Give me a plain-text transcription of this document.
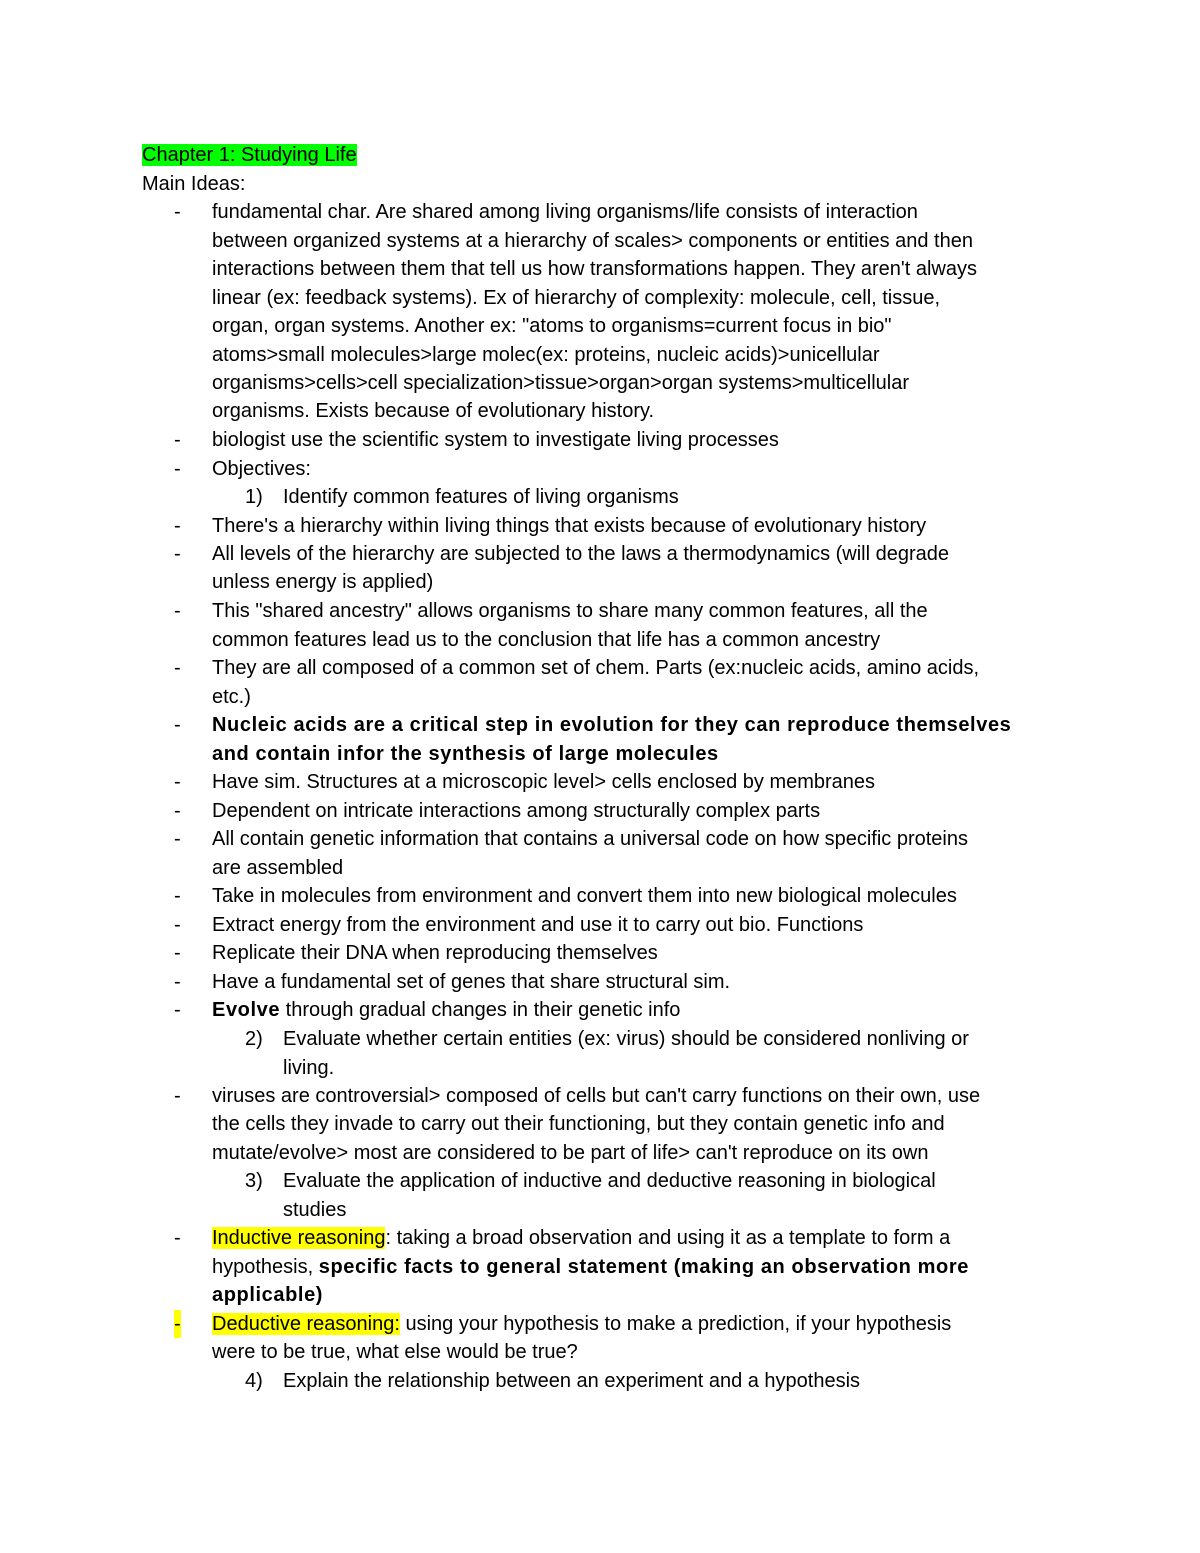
Chapter 1: Studying Life
Main Ideas:
- fundamental char. Are shared among living organisms/life consists of interaction
between organized systems at a hierarchy of scales> components or entities and then
interactions between them that tell us how transformations happen. They aren't always
linear (ex: feedback systems). Ex of hierarchy of complexity: molecule, cell, tissue,
organ, organ systems. Another ex: "atoms to organisms=current focus in bio"
atoms>small molecules>large molec(ex: proteins, nucleic acids)>unicellular
organisms>cells>cell specialization>tissue>organ>organ systems>multicellular
organisms. Exists because of evolutionary history.
- biologist use the scientific system to investigate living processes
- Objectives:
1) Identify common features of living organisms
- There's a hierarchy within living things that exists because of evolutionary history
- All levels of the hierarchy are subjected to the laws a thermodynamics (will degrade
unless energy is applied)
- This "shared ancestry" allows organisms to share many common features, all the
common features lead us to the conclusion that life has a common ancestry
- They are all composed of a common set of chem. Parts (ex:nucleic acids, amino acids,
etc.)
- Nucleic acids are a critical step in evolution for they can reproduce themselves
and contain infor the synthesis of large molecules
- Have sim. Structures at a microscopic level> cells enclosed by membranes
- Dependent on intricate interactions among structurally complex parts
- All contain genetic information that contains a universal code on how specific proteins
are assembled
- Take in molecules from environment and convert them into new biological molecules
- Extract energy from the environment and use it to carry out bio. Functions
- Replicate their DNA when reproducing themselves
- Have a fundamental set of genes that share structural sim.
- Evolve through gradual changes in their genetic info
2) Evaluate whether certain entities (ex: virus) should be considered nonliving or
living.
- viruses are controversial> composed of cells but can't carry functions on their own, use
the cells they invade to carry out their functioning, but they contain genetic info and
mutate/evolve> most are considered to be part of life> can't reproduce on its own
3) Evaluate the application of inductive and deductive reasoning in biological
studies
- Inductive reasoning: taking a broad observation and using it as a template to form a
hypothesis, specific facts to general statement (making an observation more
applicable)
- Deductive reasoning: using your hypothesis to make a prediction, if your hypothesis
were to be true, what else would be true?
4) Explain the relationship between an experiment and a hypothesis
